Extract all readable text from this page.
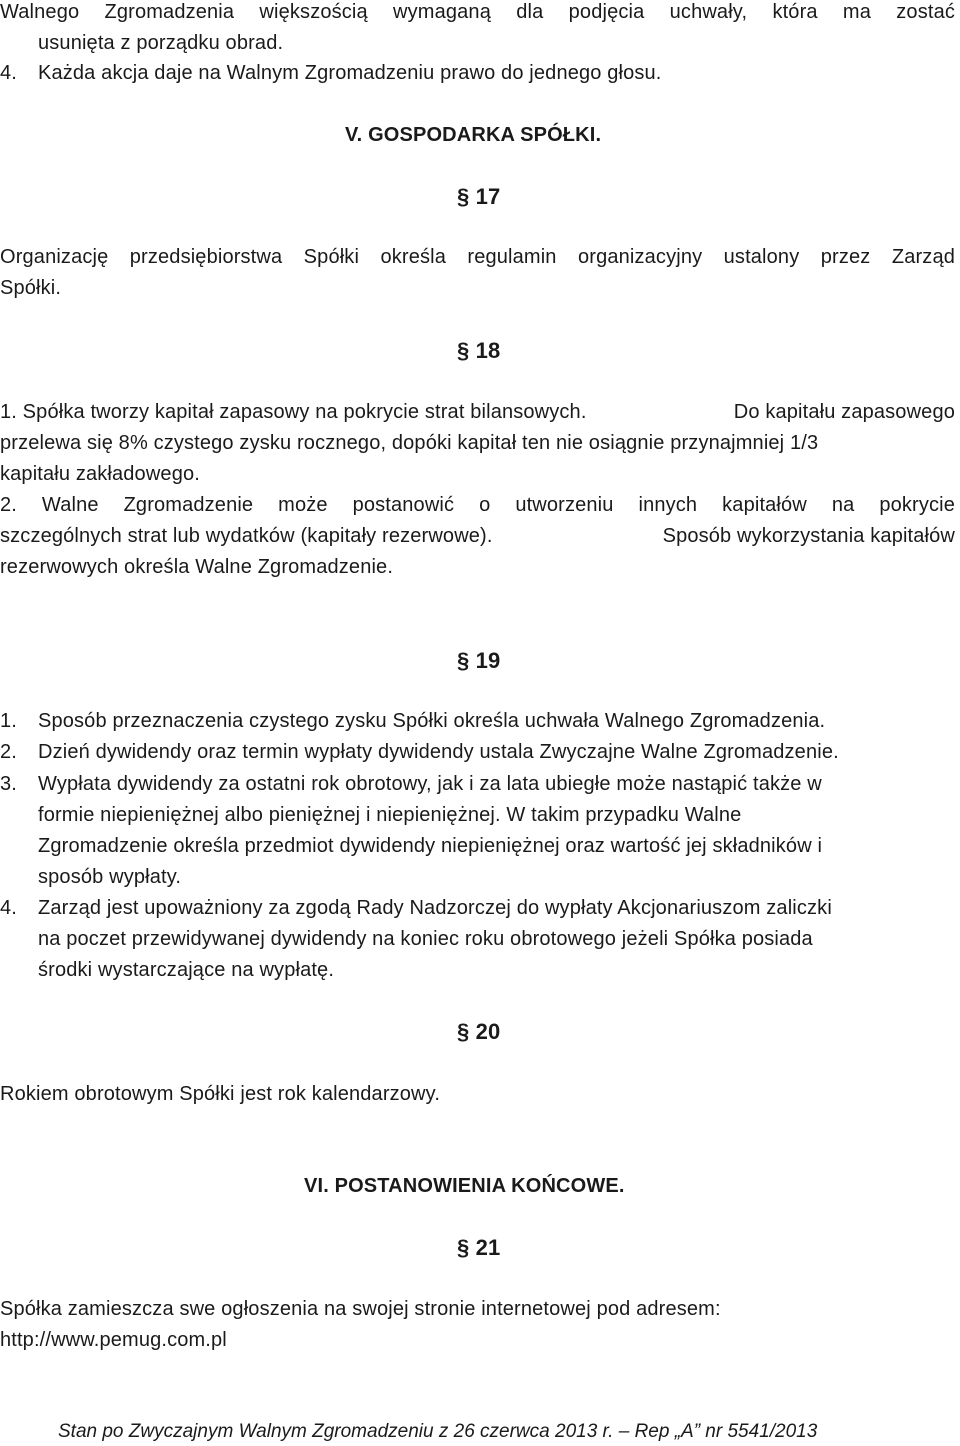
Walnego Zgromadzenia większością wymaganą dla podjęcia uchwały, która ma zostać
usunięta z porządku obrad.
4. Każda akcja daje na Walnym Zgromadzeniu prawo do jednego głosu.
V. GOSPODARKA SPÓŁKI.
§ 17
Organizację przedsiębiorstwa Spółki określa regulamin organizacyjny ustalony przez Zarząd
Spółki.
§ 18
1. Spółka tworzy kapitał zapasowy na pokrycie strat bilansowych.	Do kapitału zapasowego
przelewa się 8% czystego zysku rocznego, dopóki kapitał ten nie osiągnie przynajmniej 1/3
kapitału zakładowego.
2. Walne Zgromadzenie może postanowić o utworzeniu innych kapitałów na pokrycie
szczególnych strat lub wydatków (kapitały rezerwowe).	Sposób wykorzystania kapitałów
rezerwowych określa Walne Zgromadzenie.
§ 19
1. Sposób przeznaczenia czystego zysku Spółki określa uchwała Walnego Zgromadzenia.
2. Dzień dywidendy oraz termin wypłaty dywidendy ustala Zwyczajne Walne Zgromadzenie.
3. Wypłata dywidendy za ostatni rok obrotowy, jak i za lata ubiegłe może nastąpić także w
formie niepieniężnej albo pieniężnej i niepieniężnej. W takim przypadku Walne
Zgromadzenie określa przedmiot dywidendy niepieniężnej oraz wartość jej składników i
sposób wypłaty.
4. Zarząd jest upoważniony za zgodą Rady Nadzorczej do wypłaty Akcjonariuszom zaliczki
na poczet przewidywanej dywidendy na koniec roku obrotowego jeżeli Spółka posiada
środki wystarczające na wypłatę.
§ 20
Rokiem obrotowym Spółki jest rok kalendarzowy.
VI. POSTANOWIENIA KOŃCOWE.
§ 21
Spółka zamieszcza swe ogłoszenia na swojej stronie internetowej pod adresem:
http://www.pemug.com.pl
Stan po Zwyczajnym Walnym Zgromadzeniu z 26 czerwca 2013 r. – Rep „A” nr 5541/2013
